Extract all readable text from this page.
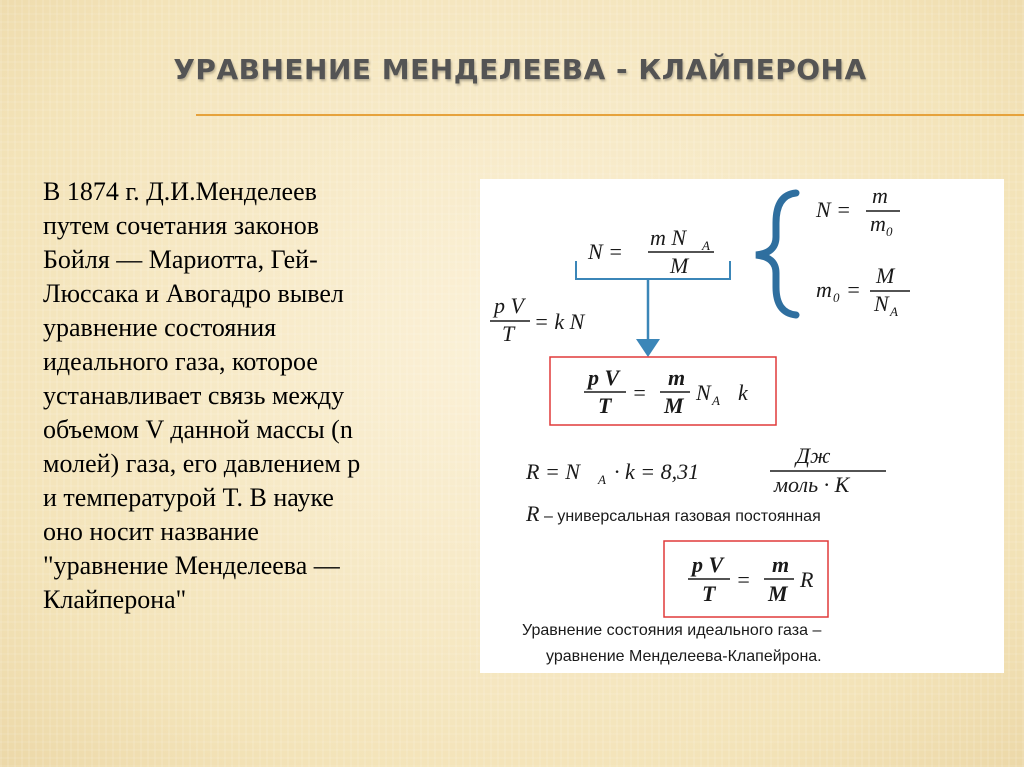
УРАВНЕНИЕ МЕНДЕЛЕЕВА - КЛАЙПЕРОНА
В 1874 г. Д.И.Менделеев
путем сочетания законов
Бойля — Мариотта, Гей-
Люссака и Авогадро вывел
уравнение состояния
идеального газа, которое
устанавливает связь между
объемом V данной массы (n
молей) газа, его давлением p
и температурой T. В науке
оно носит название
"уравнение Менделеева —
Клайперона"
N =
m N A
M
N =
m
m 0
m 0 =
M
N A
p V
T = k N
p V
T
=
m
M
N A k
R = N A · k = 8,31
Дж
моль · K
R – универсальная газовая постоянная
p V
T
=
m
M
R
Уравнение состояния идеального газа –
уравнение Менделеева-Клапейрона.
